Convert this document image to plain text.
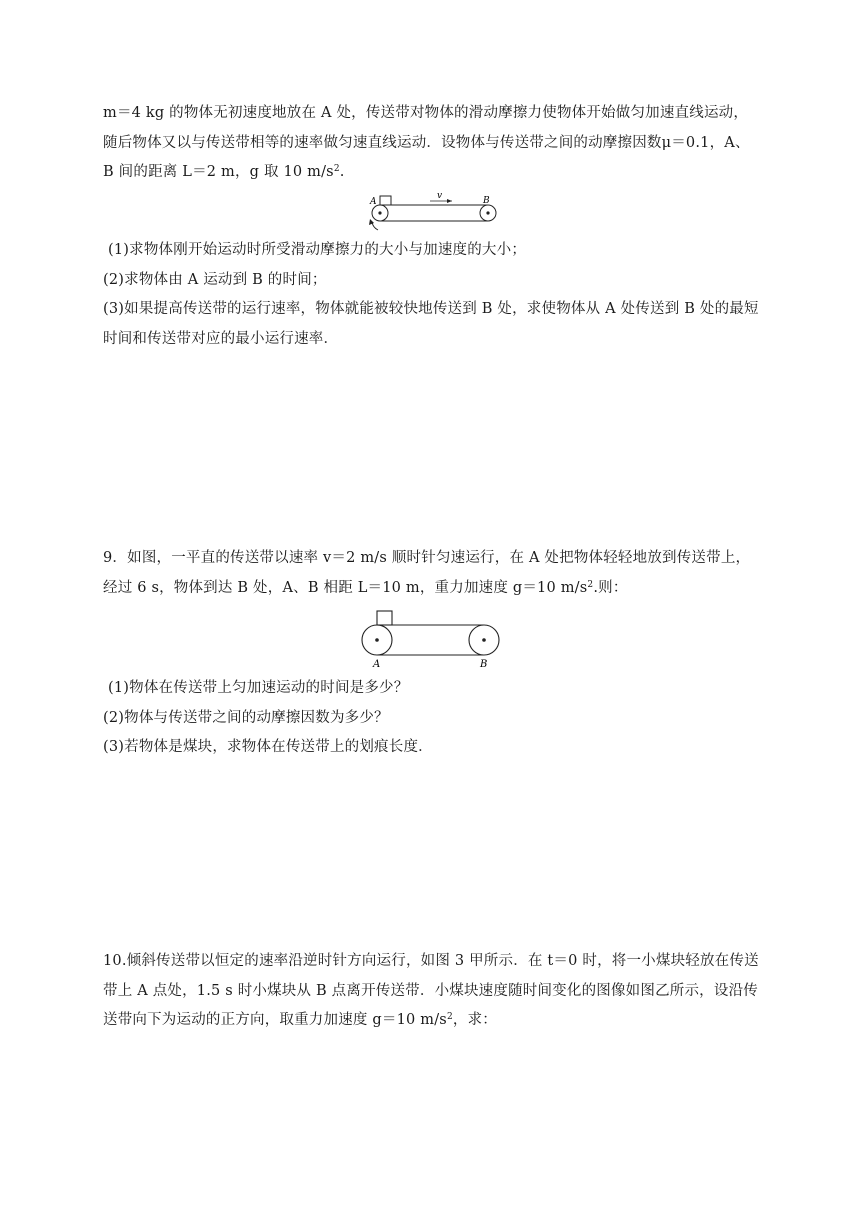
m＝4 kg 的物体无初速度地放在 A 处，传送带对物体的滑动摩擦力使物体开始做匀加速直线运动，
随后物体又以与传送带相等的速率做匀速直线运动．设物体与传送带之间的动摩擦因数μ＝0.1，A、
B 间的距离 L＝2 m，g 取 10 $m/s^2$.
A	B
v
(1)求物体刚开始运动时所受滑动摩擦力的大小与加速度的大小；
(2)求物体由 A 运动到 B 的时间；
(3)如果提高传送带的运行速率，物体就能被较快地传送到 B 处，求使物体从 A 处传送到 B 处的最短
时间和传送带对应的最小运行速率．
9．如图，一平直的传送带以速率 v＝2 m/s 顺时针匀速运行，在 A 处把物体轻轻地放到传送带上，
经过 6 s，物体到达 B 处，A、B 相距 L＝10 m，重力加速度 g＝10 $m/s^2$.则：
A	B
(1)物体在传送带上匀加速运动的时间是多少？
(2)物体与传送带之间的动摩擦因数为多少？
(3)若物体是煤块，求物体在传送带上的划痕长度．
10.倾斜传送带以恒定的速率沿逆时针方向运行，如图 3 甲所示．在 t＝0 时，将一小煤块轻放在传送
带上 A 点处，1.5 s 时小煤块从 B 点离开传送带．小煤块速度随时间变化的图像如图乙所示，设沿传
送带向下为运动的正方向，取重力加速度 g＝10 $m/s^2$，求：
